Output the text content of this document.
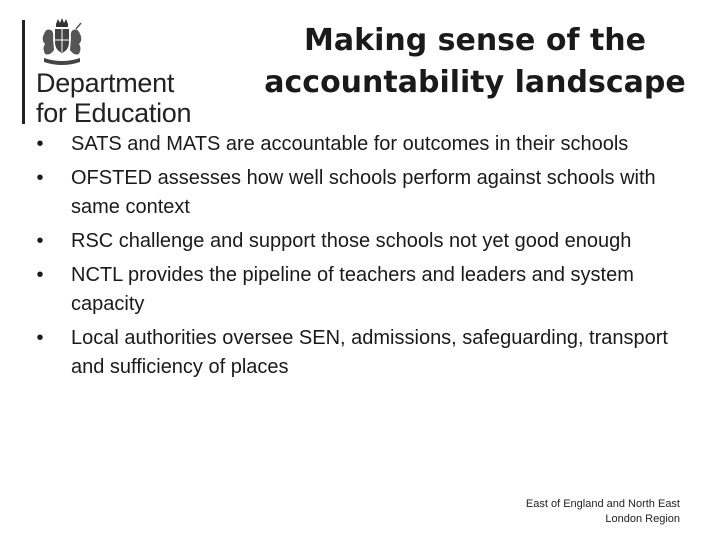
Department
for Education
Making sense of the
accountability landscape
•	SATS and MATS are accountable for outcomes in their schools
•	OFSTED assesses how well schools perform against schools with same context
•	RSC challenge and support those schools not yet good enough
•	NCTL provides the pipeline of teachers and leaders and system capacity
•	Local authorities oversee SEN, admissions, safeguarding, transport and sufficiency of places
East of England and North East
London Region
